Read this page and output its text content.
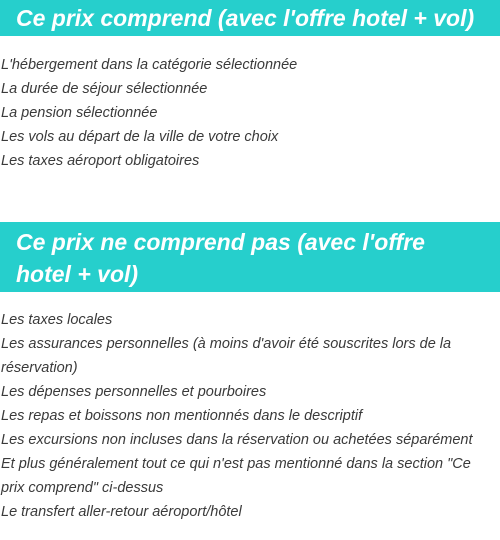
Ce prix comprend (avec l'offre hotel + vol)
L'hébergement dans la catégorie sélectionnée
La durée de séjour sélectionnée
La pension sélectionnée
Les vols au départ de la ville de votre choix
Les taxes aéroport obligatoires
Ce prix ne comprend pas (avec l'offre hotel + vol)
Les taxes locales
Les assurances personnelles (à moins d'avoir été souscrites lors de la réservation)
Les dépenses personnelles et pourboires
Les repas et boissons non mentionnés dans le descriptif
Les excursions non incluses dans la réservation ou achetées séparément
Et plus généralement tout ce qui n'est pas mentionné dans la section "Ce prix comprend" ci-dessus
Le transfert aller-retour aéroport/hôtel
